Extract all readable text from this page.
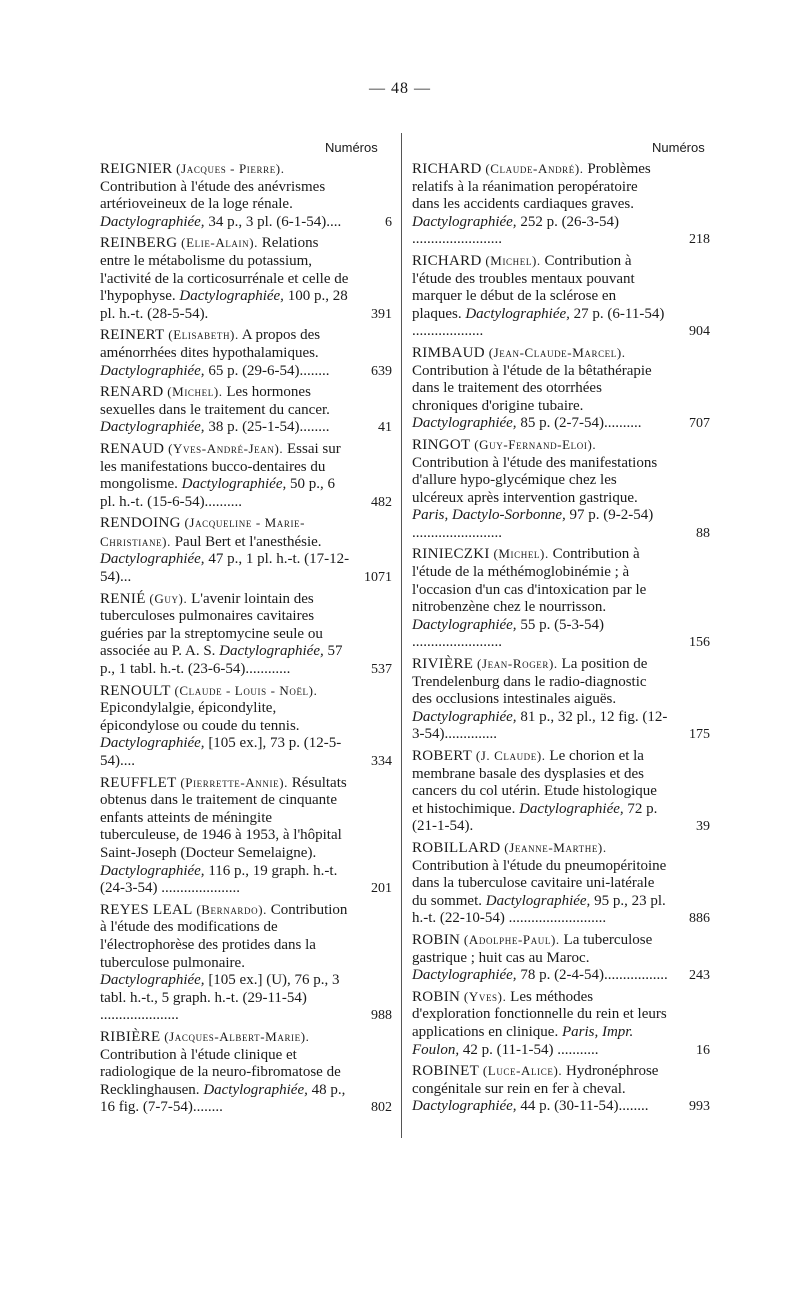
— 48 —
Numéros	Numéros
REIGNIER (Jacques - Pierre). Contribution à l'étude des anévrismes artérioveineux de la loge rénale. Dactylographiée, 34 p., 3 pl. (6-1-54)....	6
REINBERG (Elie-Alain). Relations entre le métabolisme du potassium, l'activité de la corticosurrénale et celle de l'hypophyse. Dactylographiée, 100 p., 28 pl. h.-t. (28-5-54).	391
REINERT (Elisabeth). A propos des aménorrhées dites hypothalamiques. Dactylographiée, 65 p. (29-6-54)........	639
RENARD (Michel). Les hormones sexuelles dans le traitement du cancer. Dactylographiée, 38 p. (25-1-54)........	41
RENAUD (Yves-André-Jean). Essai sur les manifestations bucco-dentaires du mongolisme. Dactylographiée, 50 p., 6 pl. h.-t. (15-6-54)..........	482
RENDOING (Jacqueline - Marie-Christiane). Paul Bert et l'anesthésie. Dactylographiée, 47 p., 1 pl. h.-t. (17-12-54)...	1071
RENIÉ (Guy). L'avenir lointain des tuberculoses pulmonaires cavitaires guéries par la streptomycine seule ou associée au P. A. S. Dactylographiée, 57 p., 1 tabl. h.-t. (23-6-54)............	537
RENOULT (Claude - Louis - Noël). Epicondylalgie, épicondylite, épicondylose ou coude du tennis. Dactylographiée, [105 ex.], 73 p. (12-5-54)....	334
REUFFLET (Pierrette-Annie). Résultats obtenus dans le traitement de cinquante enfants atteints de méningite tuberculeuse, de 1946 à 1953, à l'hôpital Saint-Joseph (Docteur Semelaigne). Dactylographiée, 116 p., 19 graph. h.-t. (24-3-54) .....................	201
REYES LEAL (Bernardo). Contribution à l'étude des modifications de l'électrophorèse des protides dans la tuberculose pulmonaire. Dactylographiée, [105 ex.] (U), 76 p., 3 tabl. h.-t., 5 graph. h.-t. (29-11-54) .....................	988
RIBIÈRE (Jacques-Albert-Marie). Contribution à l'étude clinique et radiologique de la neuro-fibromatose de Recklinghausen. Dactylographiée, 48 p., 16 fig. (7-7-54)........	802
RICHARD (Claude-André). Problèmes relatifs à la réanimation peropératoire dans les accidents cardiaques graves. Dactylographiée, 252 p. (26-3-54) ........................	218
RICHARD (Michel). Contribution à l'étude des troubles mentaux pouvant marquer le début de la sclérose en plaques. Dactylographiée, 27 p. (6-11-54) ...................	904
RIMBAUD (Jean-Claude-Marcel). Contribution à l'étude de la bêtathérapie dans le traitement des otorrhées chroniques d'origine tubaire. Dactylographiée, 85 p. (2-7-54)..........	707
RINGOT (Guy-Fernand-Eloi). Contribution à l'étude des manifestations d'allure hypo-glycémique chez les ulcéreux après intervention gastrique. Paris, Dactylo-Sorbonne, 97 p. (9-2-54) ........................	88
RINIECZKI (Michel). Contribution à l'étude de la méthémoglobinémie ; à l'occasion d'un cas d'intoxication par le nitrobenzène chez le nourrisson. Dactylographiée, 55 p. (5-3-54) ........................	156
RIVIÈRE (Jean-Roger). La position de Trendelenburg dans le radio-diagnostic des occlusions intestinales aiguës. Dactylographiée, 81 p., 32 pl., 12 fig. (12-3-54)..............	175
ROBERT (J. Claude). Le chorion et la membrane basale des dysplasies et des cancers du col utérin. Etude histologique et histochimique. Dactylographiée, 72 p. (21-1-54).	39
ROBILLARD (Jeanne-Marthe). Contribution à l'étude du pneumopéritoine dans la tuberculose cavitaire uni-latérale du sommet. Dactylographiée, 95 p., 23 pl. h.-t. (22-10-54) ..........................	886
ROBIN (Adolphe-Paul). La tuberculose gastrique ; huit cas au Maroc. Dactylographiée, 78 p. (2-4-54)................. 243
ROBIN (Yves). Les méthodes d'exploration fonctionnelle du rein et leurs applications en clinique. Paris, Impr. Foulon, 42 p. (11-1-54) ...........	16
ROBINET (Luce-Alice). Hydronéphrose congénitale sur rein en fer à cheval. Dactylographiée, 44 p. (30-11-54)........	993
